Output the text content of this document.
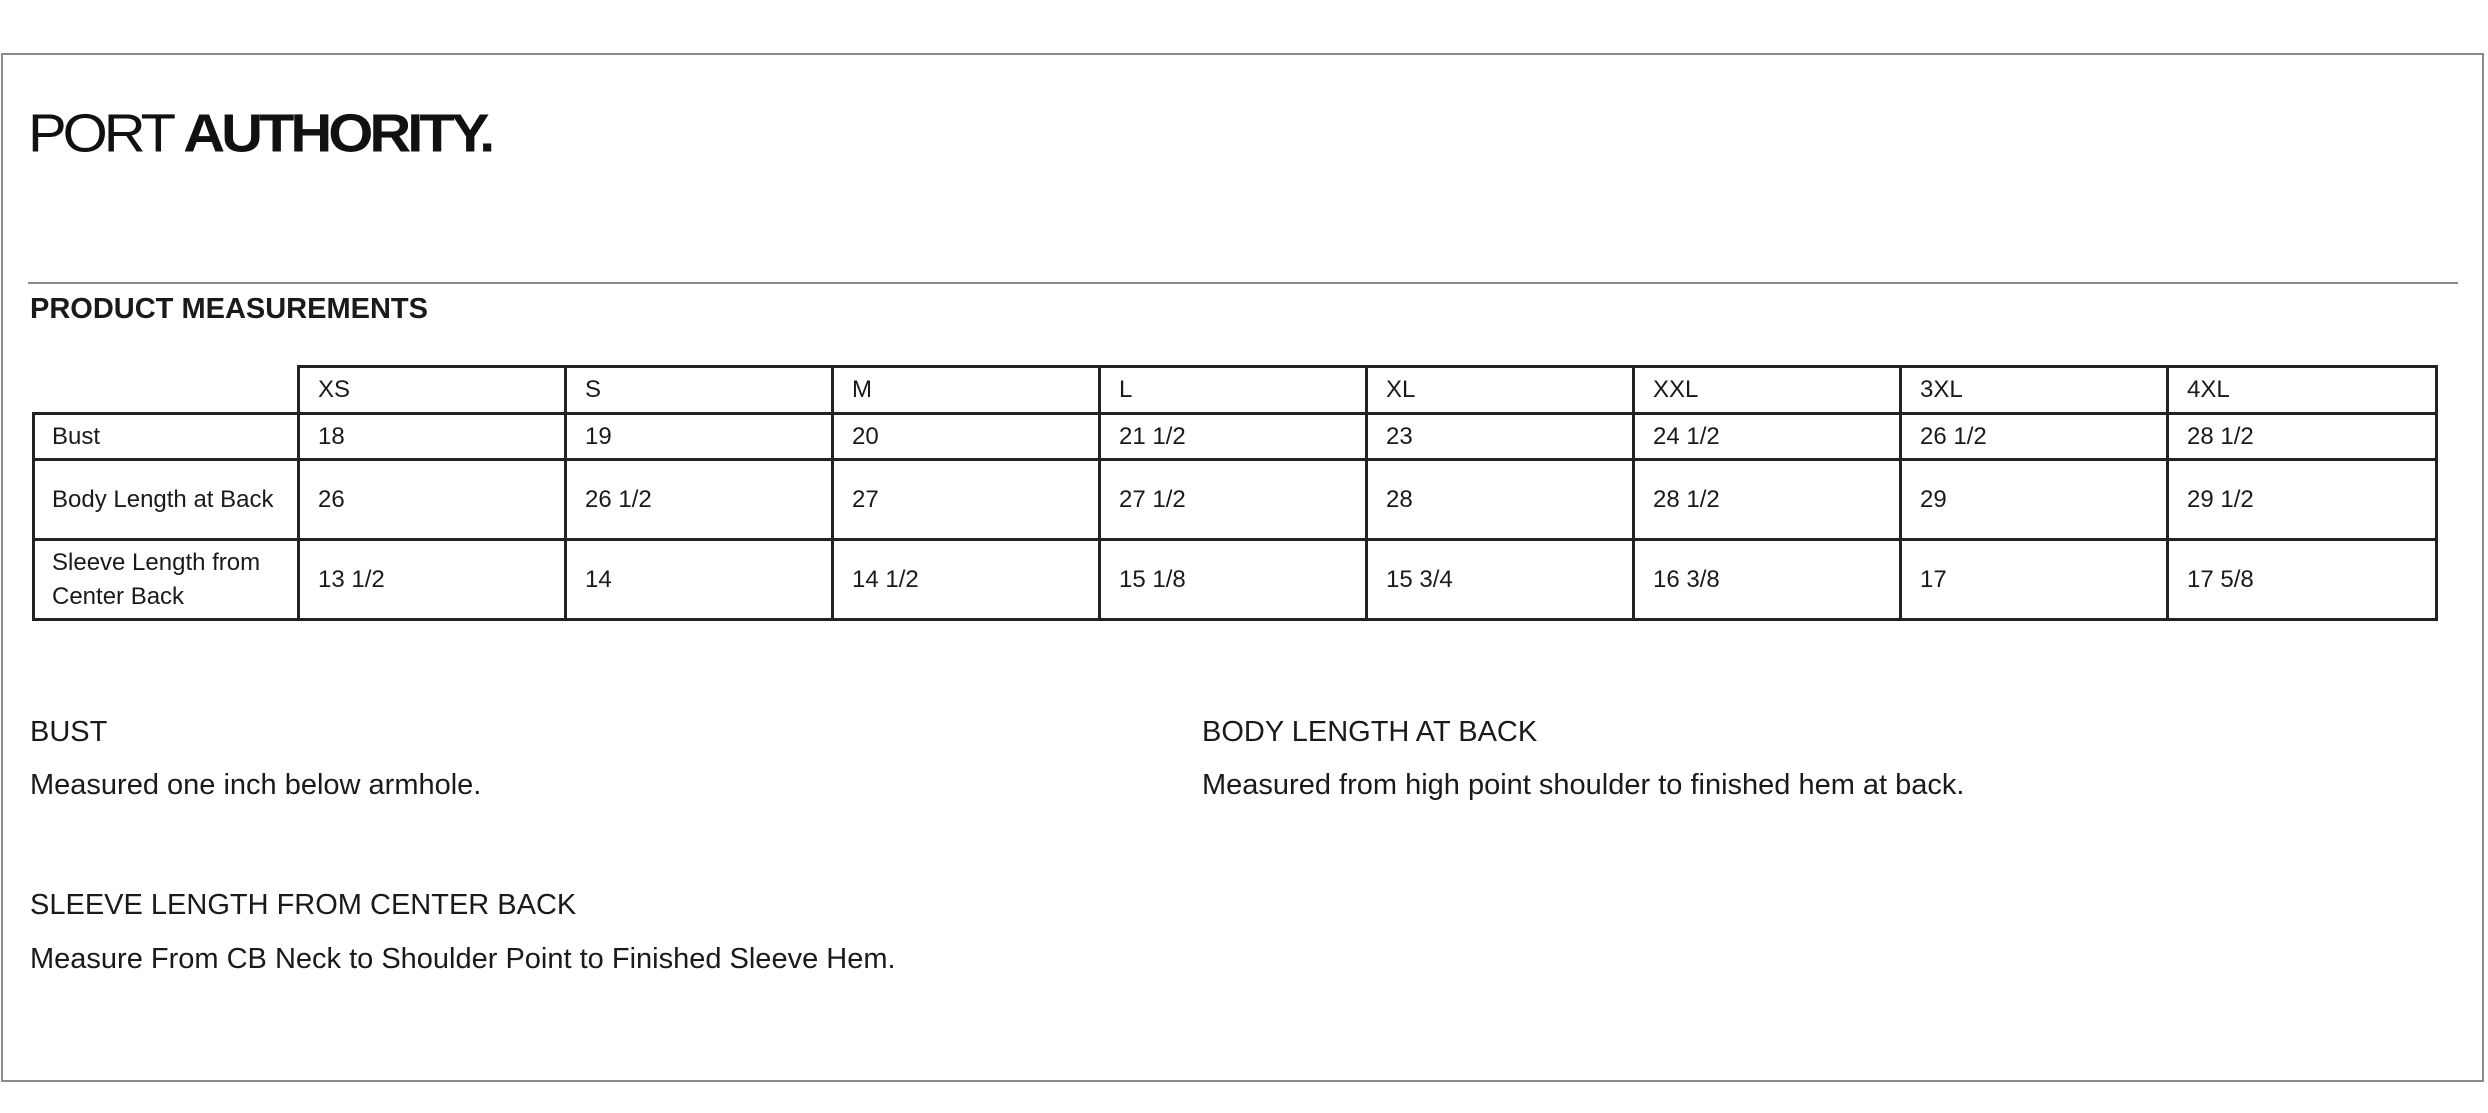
PORT AUTHORITY.
PRODUCT MEASUREMENTS
	XS	S	M	L	XL	XXL	3XL	4XL
Bust	18	19	20	21 1/2	23	24 1/2	26 1/2	28 1/2
Body Length at Back	26	26 1/2	27	27 1/2	28	28 1/2	29	29 1/2
Sleeve Length from Center Back	13 1/2	14	14 1/2	15 1/8	15 3/4	16 3/8	17	17 5/8
BUST
Measured one inch below armhole.
BODY LENGTH AT BACK
Measured from high point shoulder to finished hem at back.
SLEEVE LENGTH FROM CENTER BACK
Measure From CB Neck to Shoulder Point to Finished Sleeve Hem.
